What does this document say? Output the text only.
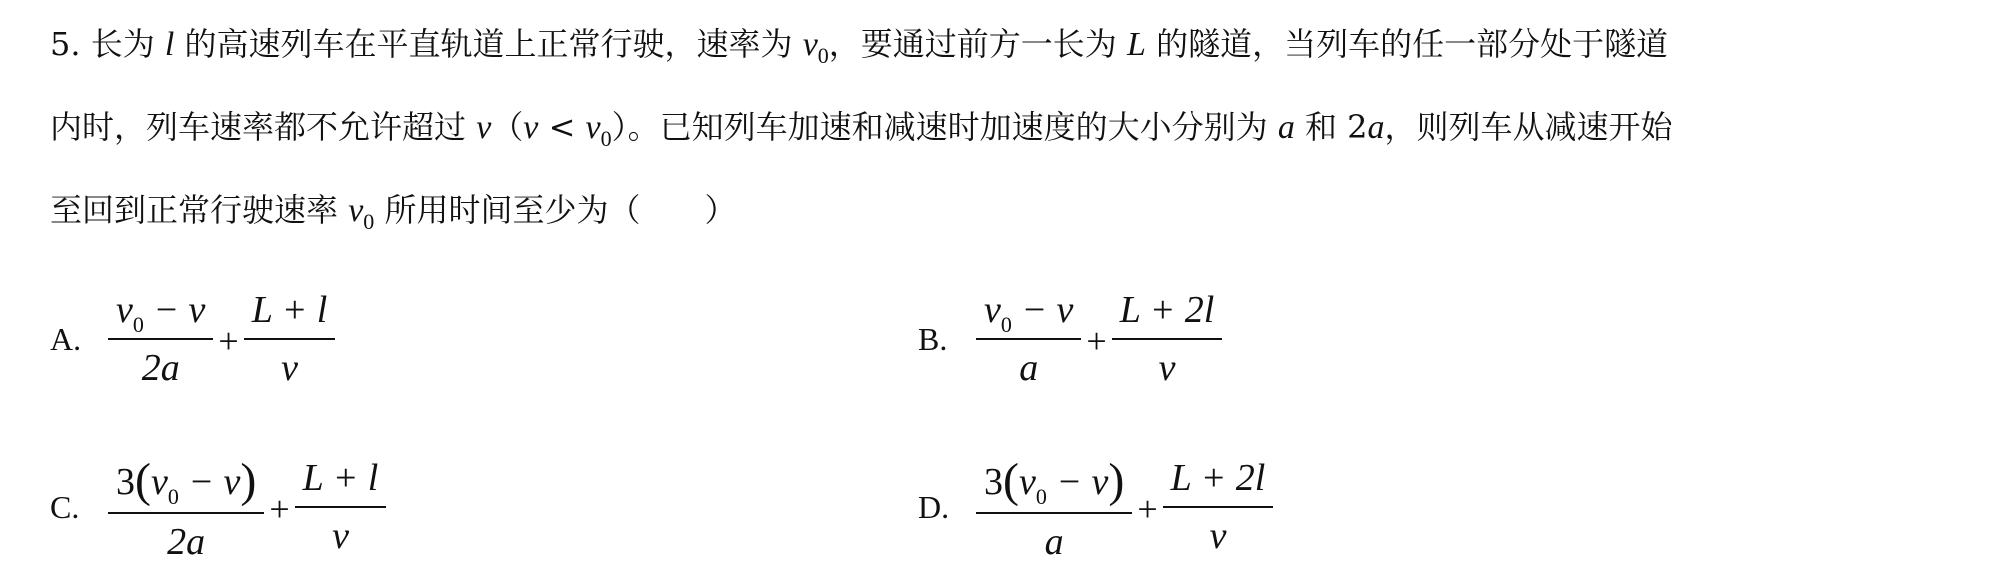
5. 长为 l 的高速列车在平直轨道上正常行驶，速率为 $v_0$，要通过前方一长为 L 的隧道，当列车的任一部分处于隧道
内时，列车速率都不允许超过 $v(v < v_0)$。已知列车加速和减速时加速度的大小分别为 a 和 2a，则列车从减速开始
至回到正常行驶速率 $v_0$ 所用时间至少为（　　）
A. $\frac{v_0 - v}{2a} + \frac{L + l}{v}$	B. $\frac{v_0 - v}{a} + \frac{L + 2l}{v}$
C. $\frac{3(v_0 - v)}{2a} + \frac{L + l}{v}$	D. $\frac{3(v_0 - v)}{a} + \frac{L + 2l}{v}$
